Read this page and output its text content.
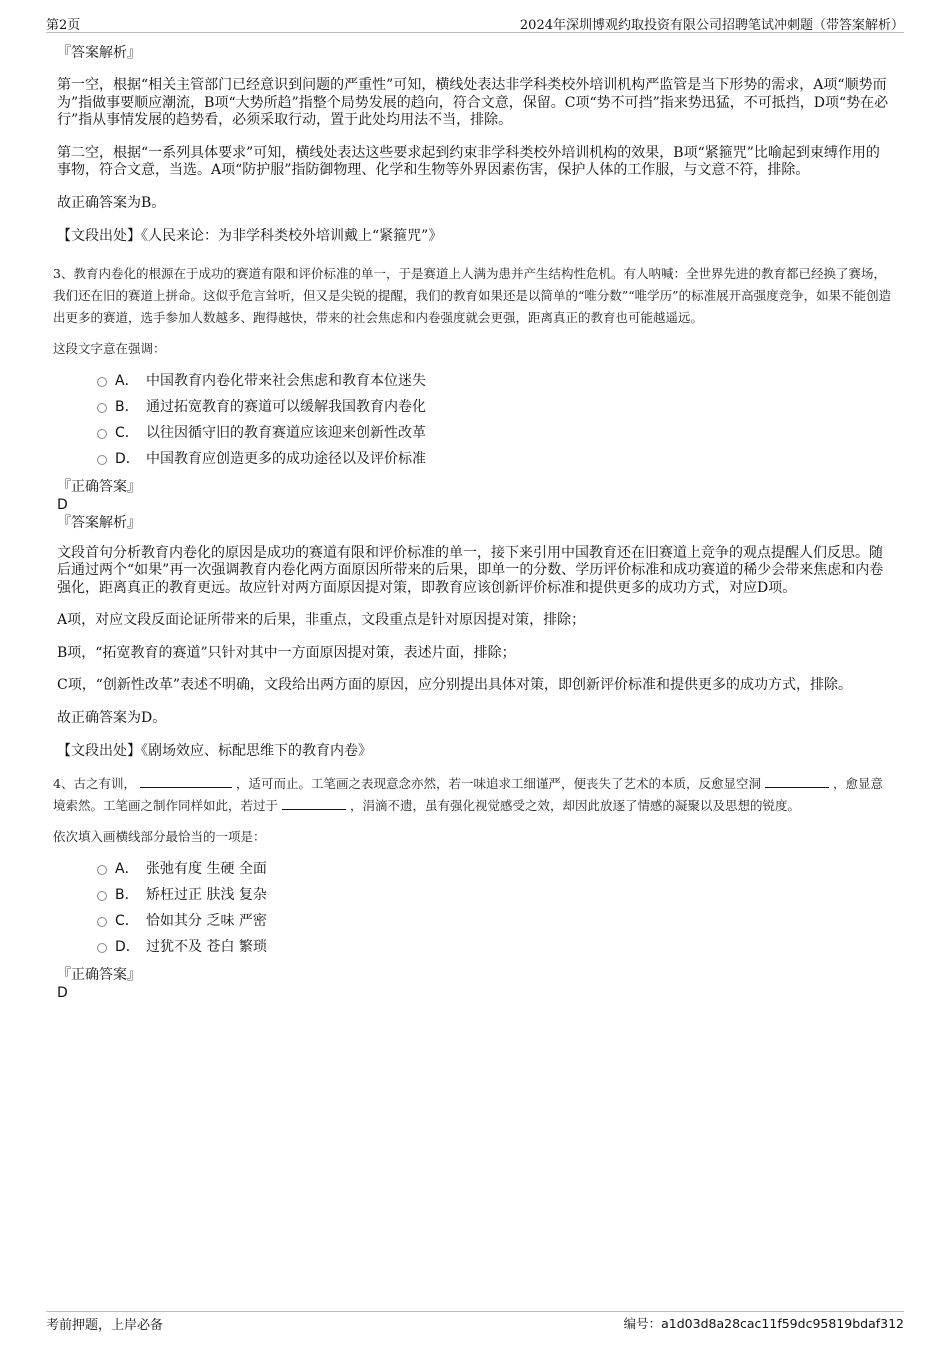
第2页	2024年深圳博观约取投资有限公司招聘笔试冲刺题（带答案解析）

『答案解析』

第一空，根据“相关主管部门已经意识到问题的严重性”可知，横线处表达非学科类校外培训机构严监管是当下形势的需求，A项“顺势而为”指做事要顺应潮流，B项“大势所趋”指整个局势发展的趋向，符合文意，保留。C项“势不可挡”指来势迅猛，不可抵挡，D项“势在必行”指从事情发展的趋势看，必须采取行动，置于此处均用法不当，排除。

第二空，根据“一系列具体要求”可知，横线处表达这些要求起到约束非学科类校外培训机构的效果，B项“紧箍咒”比喻起到束缚作用的事物，符合文意，当选。A项“防护服”指防御物理、化学和生物等外界因素伤害，保护人体的工作服，与文意不符，排除。

故正确答案为B。

【文段出处】《人民来论：为非学科类校外培训戴上“紧箍咒”》

3、教育内卷化的根源在于成功的赛道有限和评价标准的单一，于是赛道上人满为患并产生结构性危机。有人呐喊：全世界先进的教育都已经换了赛场，我们还在旧的赛道上拼命。这似乎危言耸听，但又是尖锐的提醒，我们的教育如果还是以简单的“唯分数”“唯学历”的标准展开高强度竞争，如果不能创造出更多的赛道，选手参加人数越多、跑得越快，带来的社会焦虑和内卷强度就会更强，距离真正的教育也可能越遥远。

这段文字意在强调：

A． 中国教育内卷化带来社会焦虑和教育本位迷失
B． 通过拓宽教育的赛道可以缓解我国教育内卷化
C． 以往因循守旧的教育赛道应该迎来创新性改革
D． 中国教育应创造更多的成功途径以及评价标准

『正确答案』

D

『答案解析』

文段首句分析教育内卷化的原因是成功的赛道有限和评价标准的单一，接下来引用中国教育还在旧赛道上竞争的观点提醒人们反思。随后通过两个“如果”再一次强调教育内卷化两方面原因所带来的后果，即单一的分数、学历评价标准和成功赛道的稀少会带来焦虑和内卷强化，距离真正的教育更远。故应针对两方面原因提对策，即教育应该创新评价标准和提供更多的成功方式，对应D项。

A项，对应文段反面论证所带来的后果，非重点，文段重点是针对原因提对策，排除；

B项，“拓宽教育的赛道”只针对其中一方面原因提对策，表述片面，排除；

C项，“创新性改革”表述不明确，文段给出两方面的原因，应分别提出具体对策，即创新评价标准和提供更多的成功方式，排除。

故正确答案为D。

【文段出处】《剧场效应、标配思维下的教育内卷》

4、古之有训，	，适可而止。工笔画之表现意念亦然，若一味追求工细谨严，便丧失了艺术的本质，反愈显空洞	，愈显意境索然。工笔画之制作同样如此，若过于	，涓滴不遗，虽有强化视觉感受之效，却因此放逐了情感的凝聚以及思想的锐度。

依次填入画横线部分最恰当的一项是：

A． 张弛有度 生硬 全面
B． 矫枉过正 肤浅 复杂
C． 恰如其分 乏味 严密
D． 过犹不及 苍白 繁琐

『正确答案』

D

考前押题，上岸必备	编号：a1d03d8a28cac11f59dc95819bdaf312
